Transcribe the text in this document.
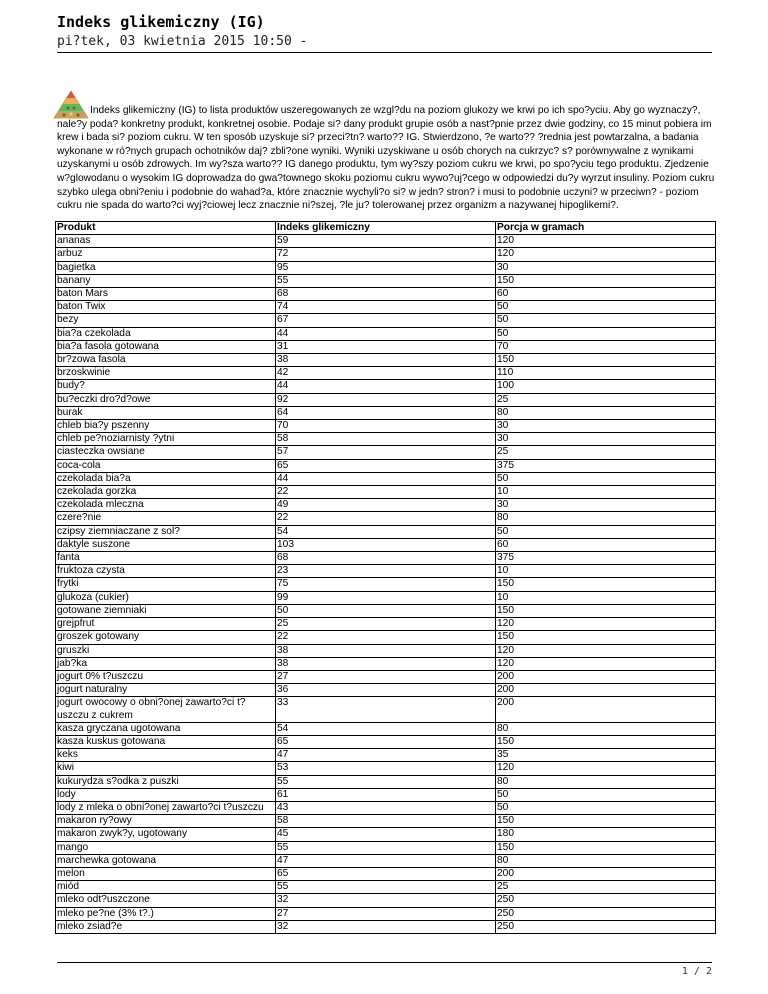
Indeks glikemiczny (IG)
pi?tek, 03 kwietnia 2015 10:50 -

Indeks glikemiczny (IG) to lista produktów uszeregowanych ze wzgl?du na poziom glukozy we krwi po ich spo?yciu. Aby go wyznaczy?, nale?y poda? konkretny produkt, konkretnej osobie. Podaje si? dany produkt grupie osób a nast?pnie przez dwie godziny, co 15 minut pobiera im krew i bada si? poziom cukru. W ten sposób uzyskuje si? przeci?tn? warto?? IG. Stwierdzono, ?e warto?? ?rednia jest powtarzalna, a badania wykonane w ró?nych grupach ochotników daj? zbli?one wyniki. Wyniki uzyskiwane u osób chorych na cukrzyc? s? porównywalne z wynikami uzyskanymi u osób zdrowych. Im wy?sza warto?? IG danego produktu, tym wy?szy poziom cukru we krwi, po spo?yciu tego produktu. Zjedzenie w?glowodanu o wysokim IG doprowadza do gwa?townego skoku poziomu cukru wywo?uj?cego w odpowiedzi du?y wyrzut insuliny. Poziom cukru szybko ulega obni?eniu i podobnie do wahad?a, które znacznie wychyli?o si? w jedn? stron? i musi to podobnie uczyni? w przeciwn? - poziom cukru nie spada do warto?ci wyj?ciowej lecz znacznie ni?szej, ?le ju? tolerowanej przez organizm a nazywanej hipoglikemi?.

Produkt	Indeks glikemiczny	Porcja w gramach
ananas	59	120
arbuz	72	120
bagietka	95	30
banany	55	150
baton Mars	68	60
baton Twix	74	50
bezy	67	50
bia?a czekolada	44	50
bia?a fasola gotowana	31	70
br?zowa fasola	38	150
brzoskwinie	42	110
budy?	44	100
bu?eczki dro?d?owe	92	25
burak	64	80
chleb bia?y pszenny	70	30
chleb pe?noziarnisty ?ytni	58	30
ciasteczka owsiane	57	25
coca-cola	65	375
czekolada bia?a	44	50
czekolada gorzka	22	10
czekolada mleczna	49	30
czere?nie	22	80
czipsy ziemniaczane z sol?	54	50
daktyle suszone	103	60
fanta	68	375
fruktoza czysta	23	10
frytki	75	150
glukoza (cukier)	99	10
gotowane ziemniaki	50	150
grejpfrut	25	120
groszek gotowany	22	150
gruszki	38	120
jab?ka	38	120
jogurt 0% t?uszczu	27	200
jogurt naturalny	36	200
jogurt owocowy o obni?onej zawarto?ci t?uszczu z cukrem	33	200
kasza gryczana ugotowana	54	80
kasza kuskus gotowana	65	150
keks	47	35
kiwi	53	120
kukurydza s?odka z puszki	55	80
lody	61	50
lody z mleka o obni?onej zawarto?ci t?uszczu	43	50
makaron ry?owy	58	150
makaron zwyk?y, ugotowany	45	180
mango	55	150
marchewka gotowana	47	80
melon	65	200
miód	55	25
mleko odt?uszczone	32	250
mleko pe?ne (3% t?.)	27	250
mleko zsiad?e	32	250
1 / 2
